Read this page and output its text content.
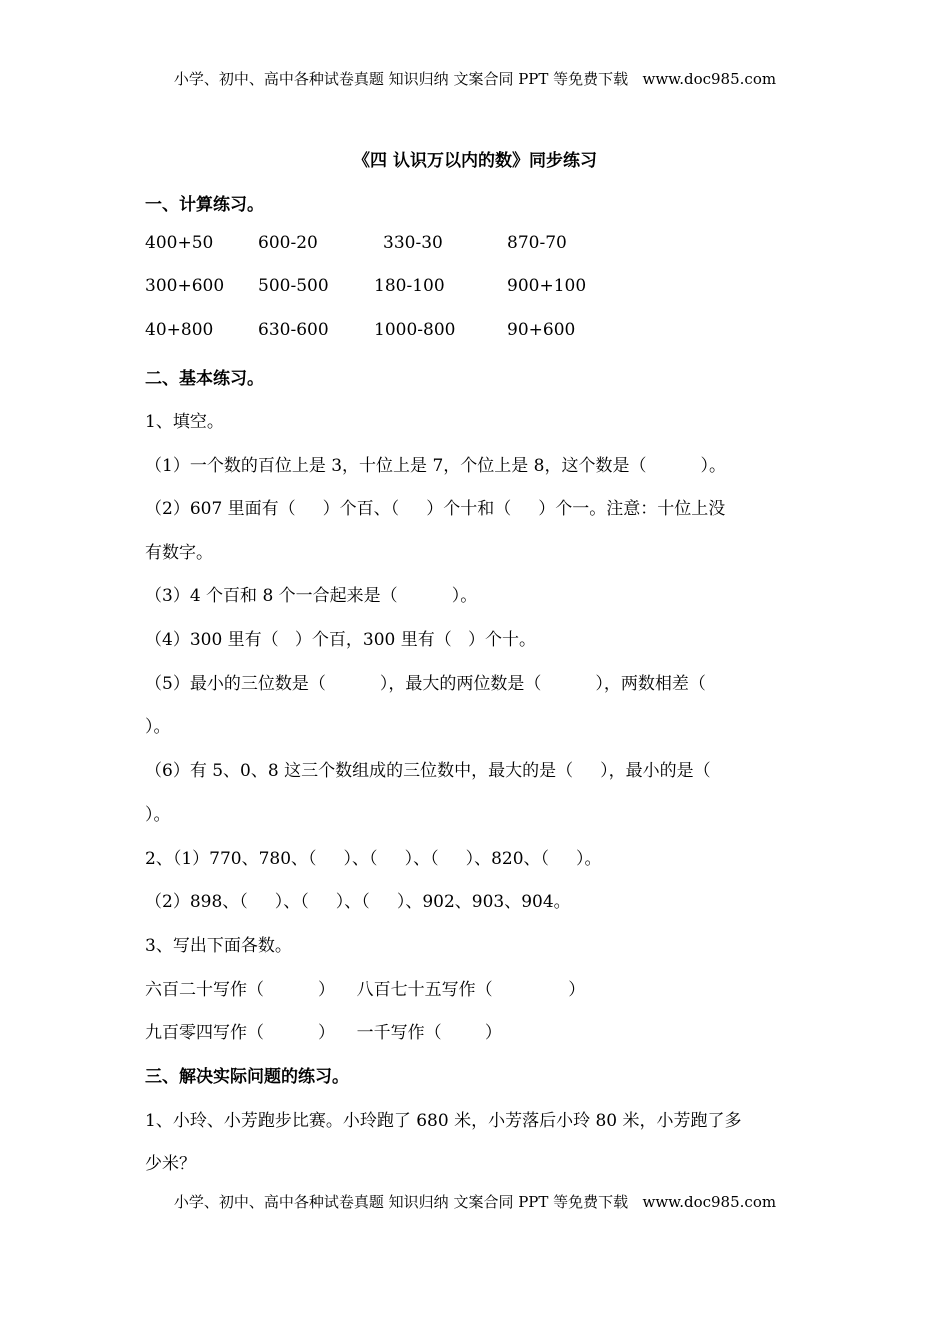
小学、初中、高中各种试卷真题 知识归纳 文案合同 PPT 等免费下载   www.doc985.com
《四 认识万以内的数》同步练习
一、计算练习。
400+50	600-20	330-30	870-70
300+600 500-500	180-100	900+100
40+800	630-600	1000-800	90+600
二、基本练习。
1、填空。
（1）一个数的百位上是 3，十位上是 7，个位上是 8，这个数是（          ）。
（2）607 里面有（     ）个百、（     ）个十和（     ）个一。注意：十位上没
有数字。
（3）4 个百和 8 个一合起来是（          ）。
（4）300 里有（   ）个百，300 里有（   ）个十。
（5）最小的三位数是（          ），最大的两位数是（          ），两数相差（
）。
（6）有 5、0、8 这三个数组成的三位数中，最大的是（     ），最小的是（
）。
2、（1）770、780、（     ）、（     ）、（     ）、820、（     ）。
（2）898、（     ）、（     ）、（     ）、902、903、904。
3、写出下面各数。
六百二十写作（          ）    八百七十五写作（              ）
九百零四写作（          ）    一千写作（        ）
三、解决实际问题的练习。
1、小玲、小芳跑步比赛。小玲跑了 680 米，小芳落后小玲 80 米，小芳跑了多
少米？
小学、初中、高中各种试卷真题 知识归纳 文案合同 PPT 等免费下载   www.doc985.com
